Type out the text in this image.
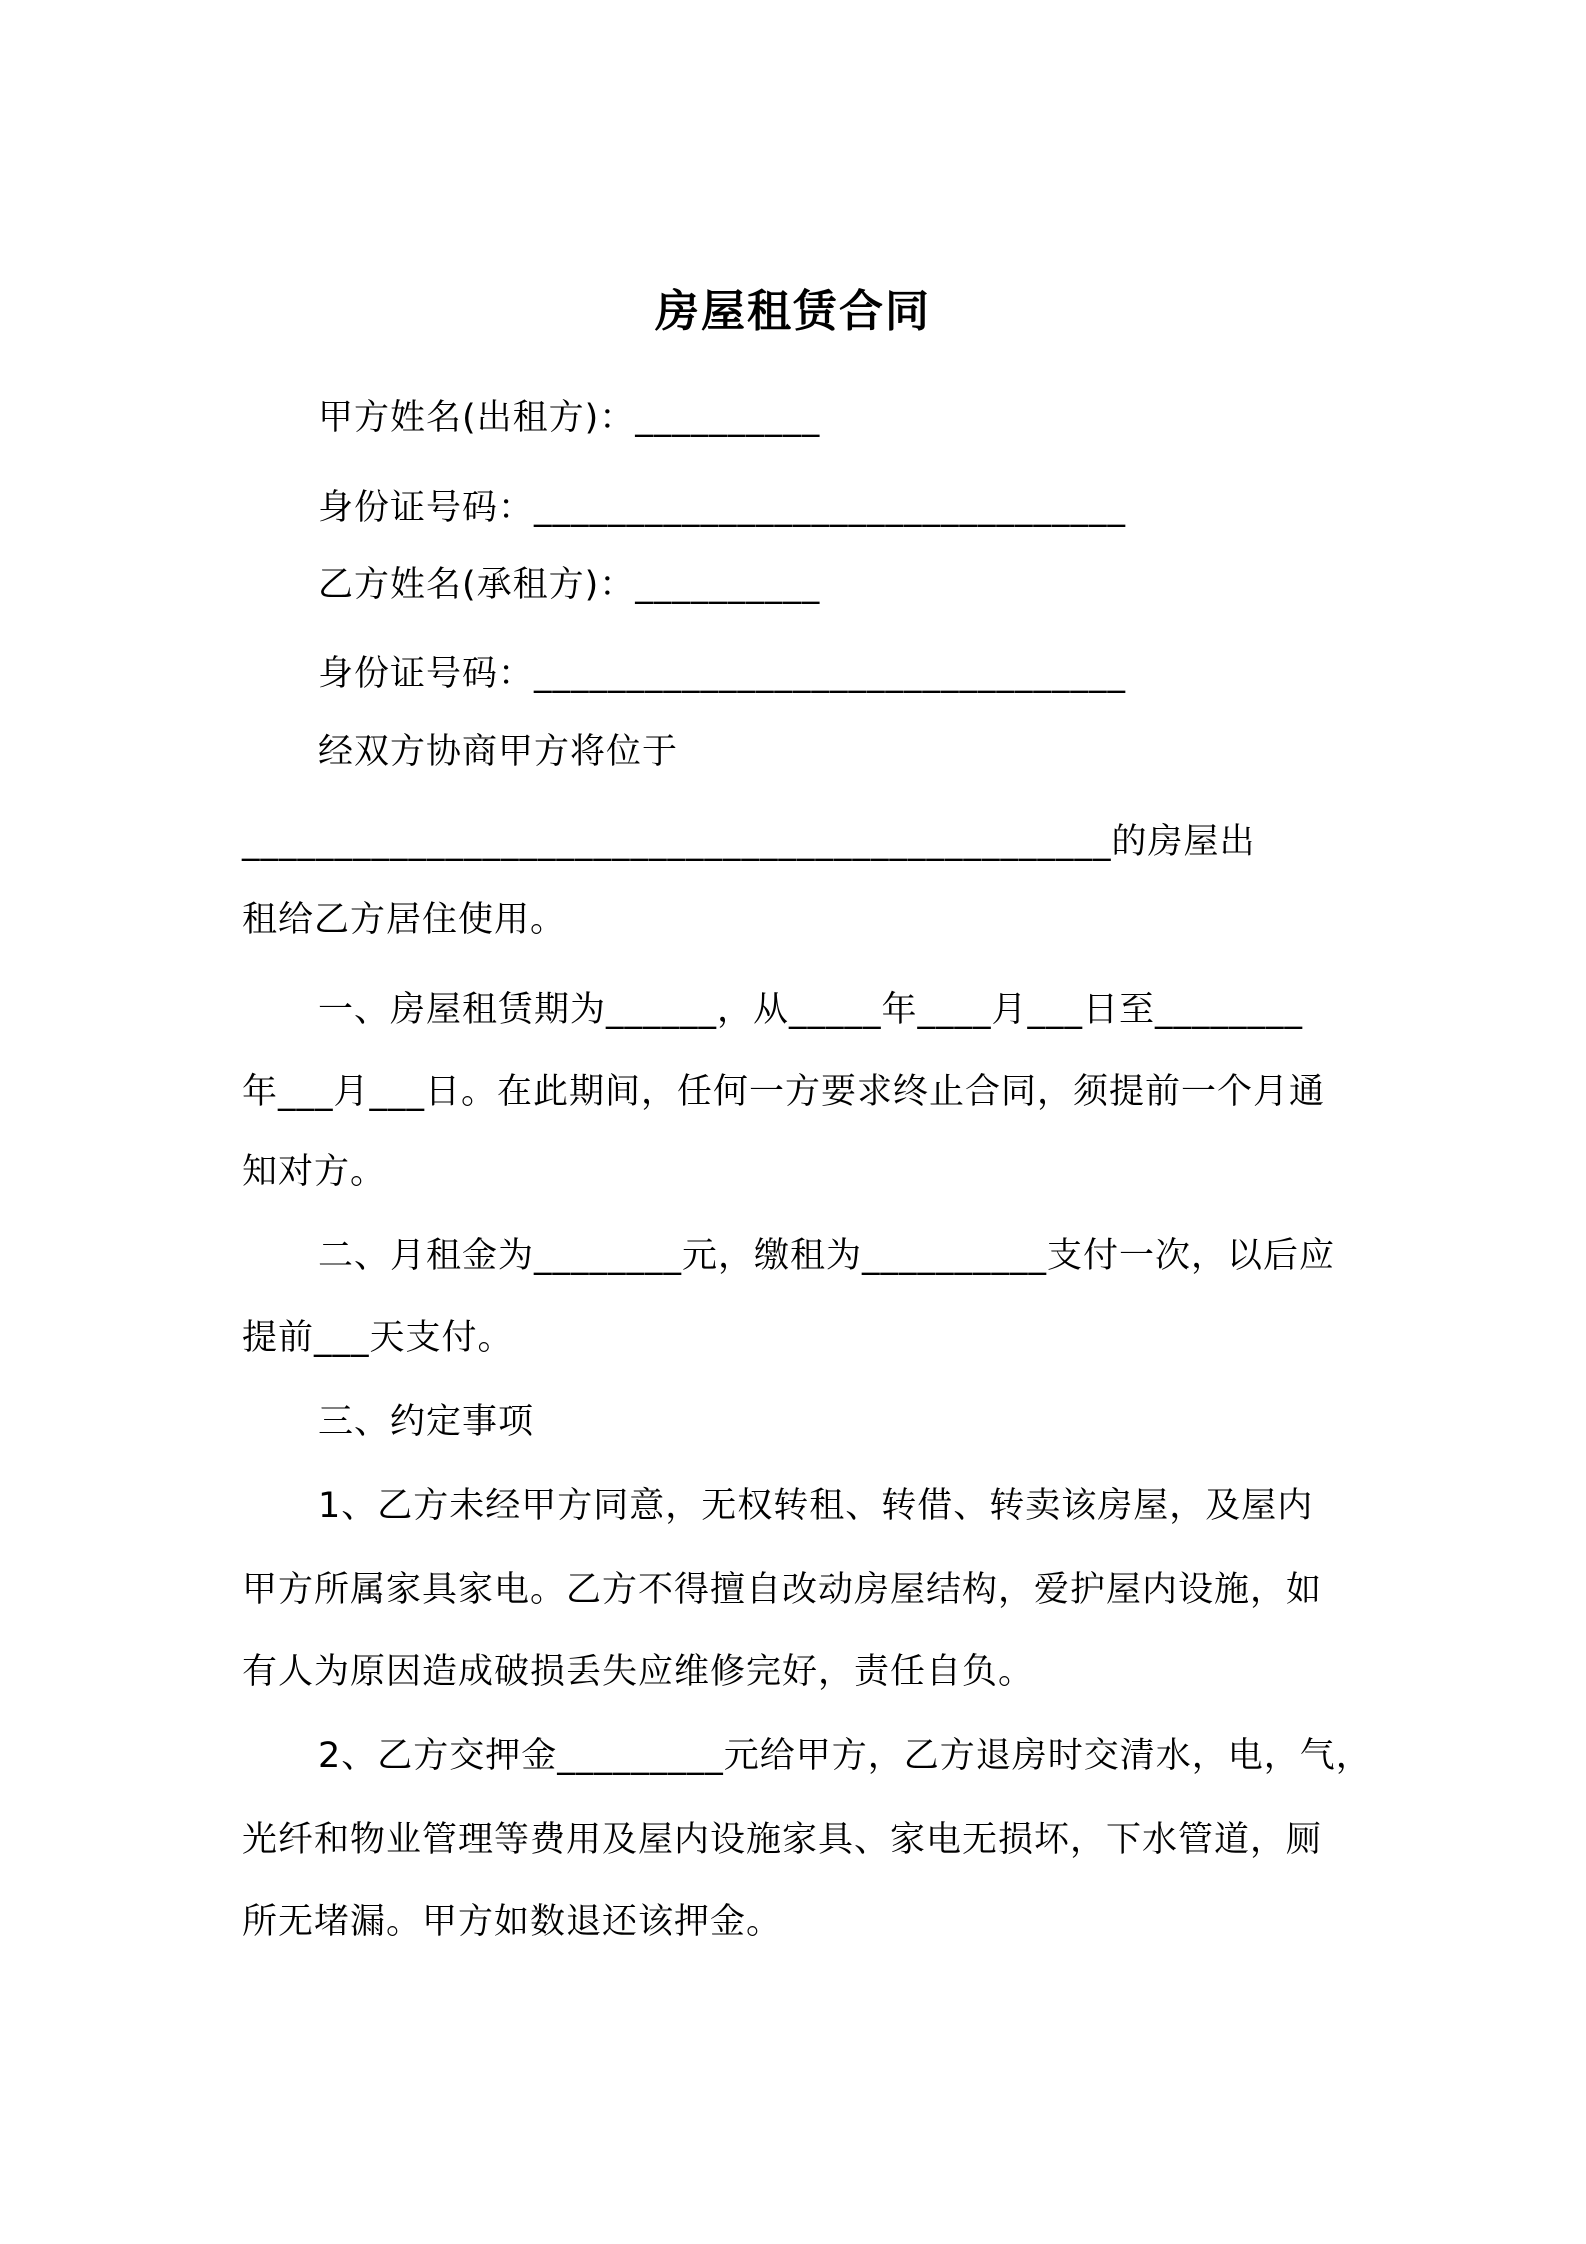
房屋租赁合同
甲方姓名(出租方)：__________
身份证号码：________________________________
乙方姓名(承租方)：__________
身份证号码：________________________________
经双方协商甲方将位于
_______________________________________________的房屋出
租给乙方居住使用。
一、房屋租赁期为______，从_____年____月___日至________
年___月___日。在此期间，任何一方要求终止合同，须提前一个月通
知对方。
二、月租金为________元，缴租为__________支付一次，以后应
提前___天支付。
三、约定事项
1、乙方未经甲方同意，无权转租、转借、转卖该房屋，及屋内
甲方所属家具家电。乙方不得擅自改动房屋结构，爱护屋内设施，如
有人为原因造成破损丢失应维修完好，责任自负。
2、乙方交押金_________元给甲方，乙方退房时交清水，电，气，
光纤和物业管理等费用及屋内设施家具、家电无损坏，下水管道，厕
所无堵漏。甲方如数退还该押金。
